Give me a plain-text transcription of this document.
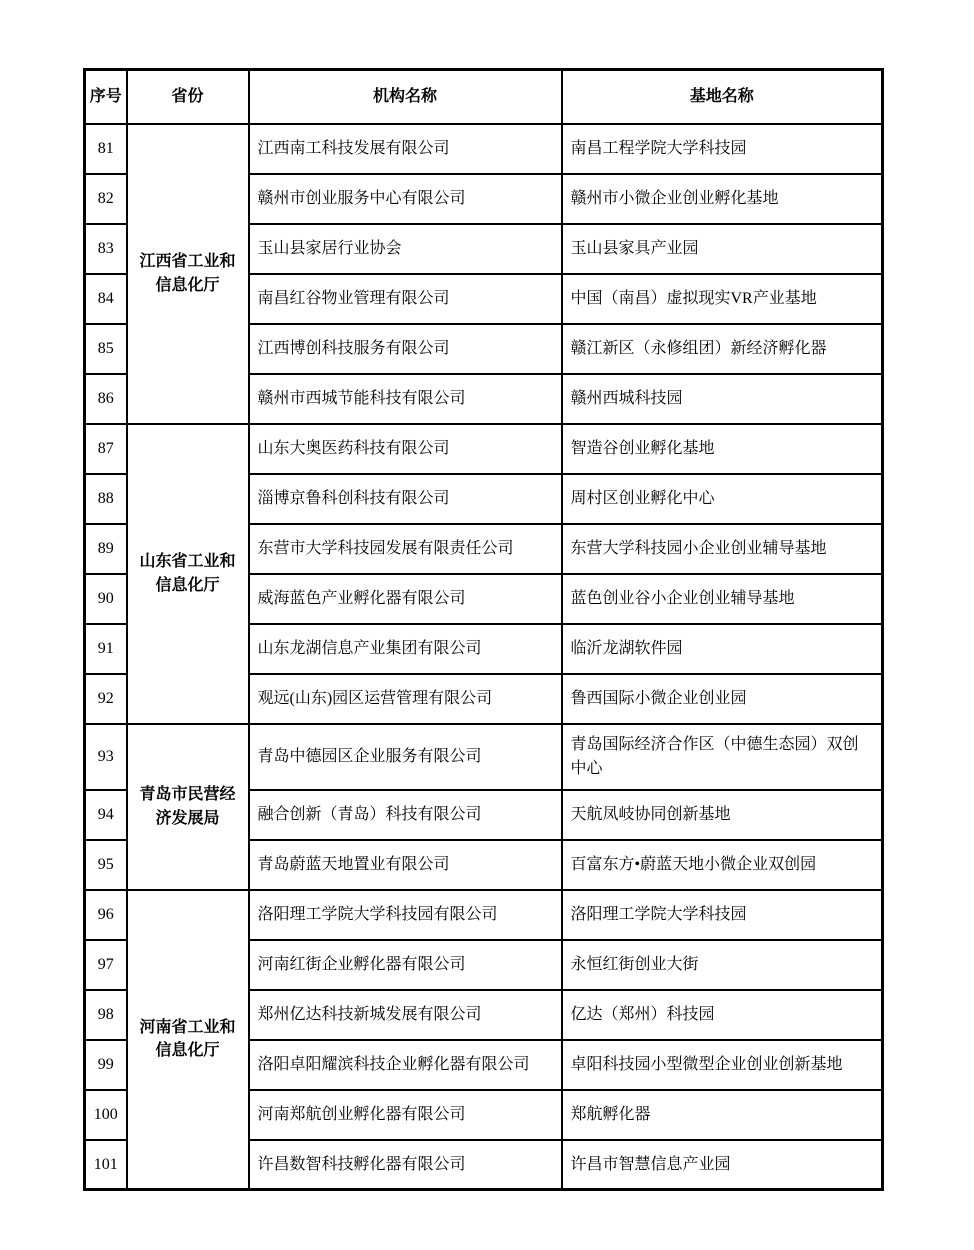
序号	省份	机构名称	基地名称
81	江西省工业和信息化厅	江西南工科技发展有限公司	南昌工程学院大学科技园
82		赣州市创业服务中心有限公司	赣州市小微企业创业孵化基地
83		玉山县家居行业协会	玉山县家具产业园
84		南昌红谷物业管理有限公司	中国（南昌）虚拟现实VR产业基地
85		江西博创科技服务有限公司	赣江新区（永修组团）新经济孵化器
86		赣州市西城节能科技有限公司	赣州西城科技园
87	山东省工业和信息化厅	山东大奥医药科技有限公司	智造谷创业孵化基地
88		淄博京鲁科创科技有限公司	周村区创业孵化中心
89		东营市大学科技园发展有限责任公司	东营大学科技园小企业创业辅导基地
90		威海蓝色产业孵化器有限公司	蓝色创业谷小企业创业辅导基地
91		山东龙湖信息产业集团有限公司	临沂龙湖软件园
92		观远(山东)园区运营管理有限公司	鲁西国际小微企业创业园
93	青岛市民营经济发展局	青岛中德园区企业服务有限公司	青岛国际经济合作区（中德生态园）双创中心
94		融合创新（青岛）科技有限公司	天航凤岐协同创新基地
95		青岛蔚蓝天地置业有限公司	百富东方•蔚蓝天地小微企业双创园
96	河南省工业和信息化厅	洛阳理工学院大学科技园有限公司	洛阳理工学院大学科技园
97		河南红街企业孵化器有限公司	永恒红街创业大街
98		郑州亿达科技新城发展有限公司	亿达（郑州）科技园
99		洛阳卓阳耀滨科技企业孵化器有限公司	卓阳科技园小型微型企业创业创新基地
100		河南郑航创业孵化器有限公司	郑航孵化器
101		许昌数智科技孵化器有限公司	许昌市智慧信息产业园
